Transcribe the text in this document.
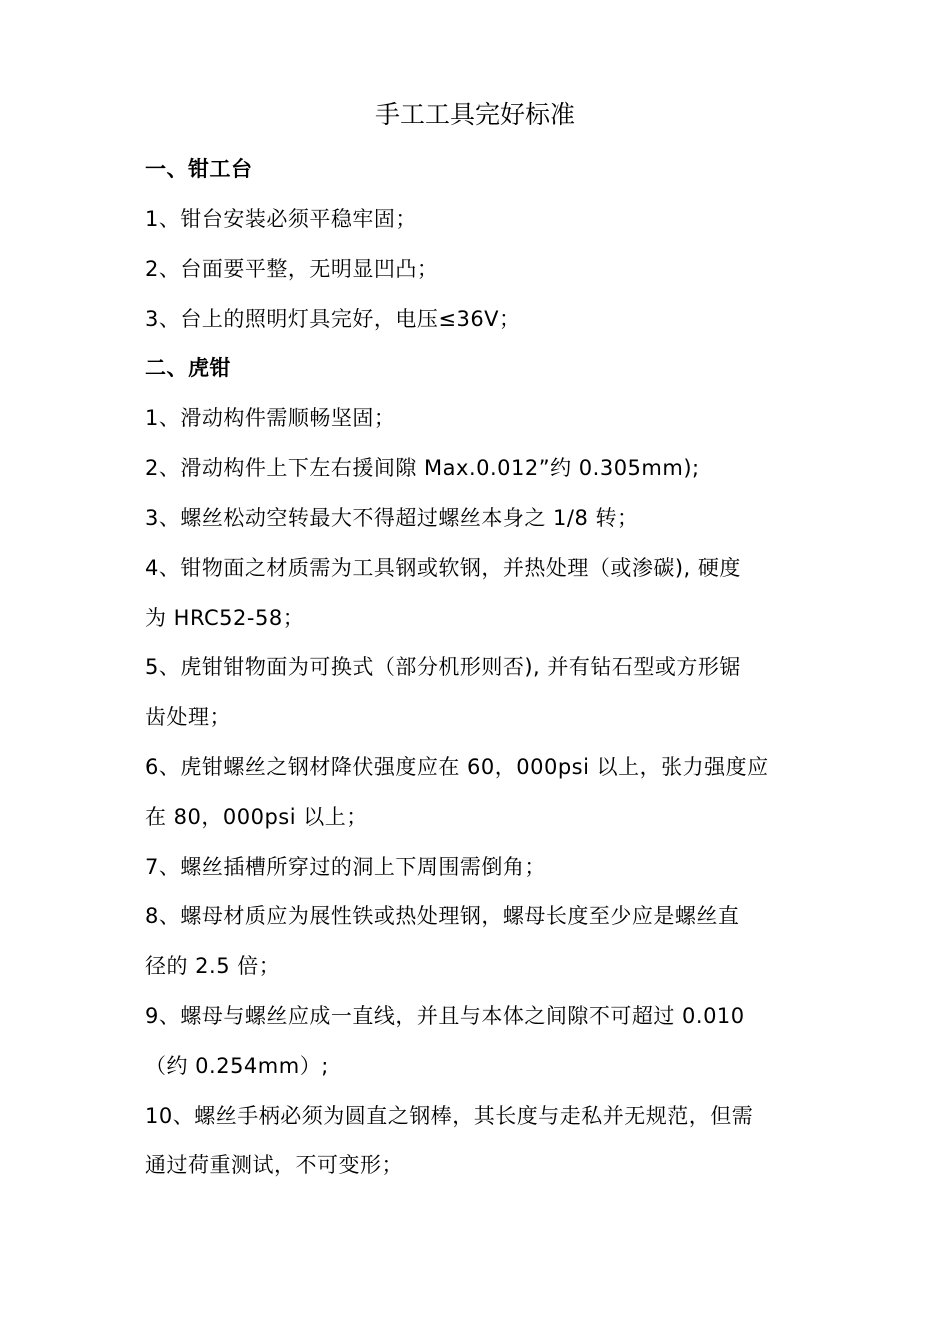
手工工具完好标准
一、钳工台
1、钳台安装必须平稳牢固；
2、台面要平整，无明显凹凸；
3、台上的照明灯具完好，电压≤36V；
二、虎钳
1、滑动构件需顺畅坚固；
2、滑动构件上下左右援间隙 Max.0.012”约 0.305mm);
3、螺丝松动空转最大不得超过螺丝本身之 1/8 转；
4、钳物面之材质需为工具钢或软钢，并热处理（或渗碳), 硬度
为 HRC52-58；
5、虎钳钳物面为可换式（部分机形则否), 并有钻石型或方形锯
齿处理；
6、虎钳螺丝之钢材降伏强度应在 60，000psi 以上，张力强度应
在 80，000psi 以上；
7、螺丝插槽所穿过的洞上下周围需倒角；
8、螺母材质应为展性铁或热处理钢，螺母长度至少应是螺丝直
径的 2.5 倍；
9、螺母与螺丝应成一直线，并且与本体之间隙不可超过 0.010
（约 0.254mm）;
10、螺丝手柄必须为圆直之钢棒，其长度与走私并无规范，但需
通过荷重测试，不可变形；
